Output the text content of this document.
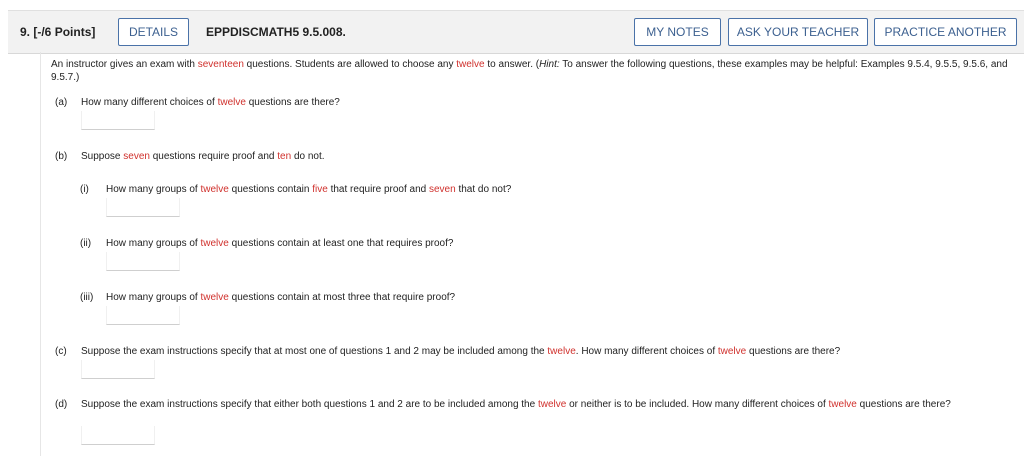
9. [-/6 Points]	DETAILS	EPPDISCMATH5 9.5.008.	MY NOTES	ASK YOUR TEACHER	PRACTICE ANOTHER
An instructor gives an exam with seventeen questions. Students are allowed to choose any twelve to answer. (Hint: To answer the following questions, these examples may be helpful: Examples 9.5.4, 9.5.5, 9.5.6, and 9.5.7.)
(a) How many different choices of twelve questions are there?
(b) Suppose seven questions require proof and ten do not.
(i) How many groups of twelve questions contain five that require proof and seven that do not?
(ii) How many groups of twelve questions contain at least one that requires proof?
(iii) How many groups of twelve questions contain at most three that require proof?
(c) Suppose the exam instructions specify that at most one of questions 1 and 2 may be included among the twelve. How many different choices of twelve questions are there?
(d) Suppose the exam instructions specify that either both questions 1 and 2 are to be included among the twelve or neither is to be included. How many different choices of twelve questions are there?
